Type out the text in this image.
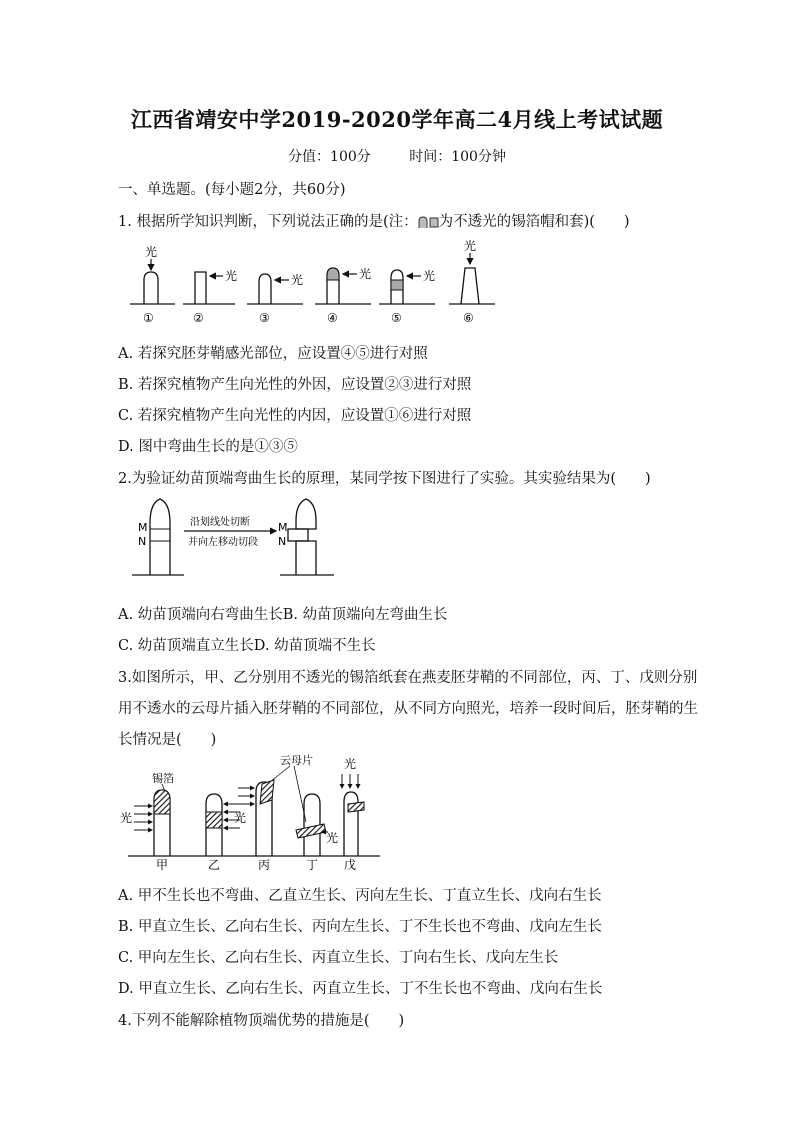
江西省靖安中学2019-2020学年高二4月线上考试试题
分值：100分	时间：100分钟
一、单选题。(每小题2分，共60分)
1. 根据所学知识判断，下列说法正确的是(注： 为不透光的锡箔帽和套)(　　)
光
①
光
②
光
③
光
④
光
⑤
光
⑥
A. 若探究胚芽鞘感光部位，应设置④⑤进行对照
B. 若探究植物产生向光性的外因，应设置②③进行对照
C. 若探究植物产生向光性的内因，应设置①⑥进行对照
D. 图中弯曲生长的是①③⑤
2.为验证幼苗顶端弯曲生长的原理，某同学按下图进行了实验。其实验结果为(　　)
M
N
沿划线处切断
并向左移动切段
M
N
A. 幼苗顶端向右弯曲生长B. 幼苗顶端向左弯曲生长
C. 幼苗顶端直立生长D. 幼苗顶端不生长
3.如图所示，甲、乙分别用不透光的锡箔纸套在燕麦胚芽鞘的不同部位，丙、丁、戊则分别
用不透水的云母片插入胚芽鞘的不同部位，从不同方向照光，培养一段时间后，胚芽鞘的生
长情况是(　　)
锡箔
光
甲
光
乙	丙
云母片
光
丁
光
戊
A. 甲不生长也不弯曲、乙直立生长、丙向左生长、丁直立生长、戊向右生长
B. 甲直立生长、乙向右生长、丙向左生长、丁不生长也不弯曲、戊向左生长
C. 甲向左生长、乙向右生长、丙直立生长、丁向右生长、戊向左生长
D. 甲直立生长、乙向右生长、丙直立生长、丁不生长也不弯曲、戊向右生长
4.下列不能解除植物顶端优势的措施是(　　)
